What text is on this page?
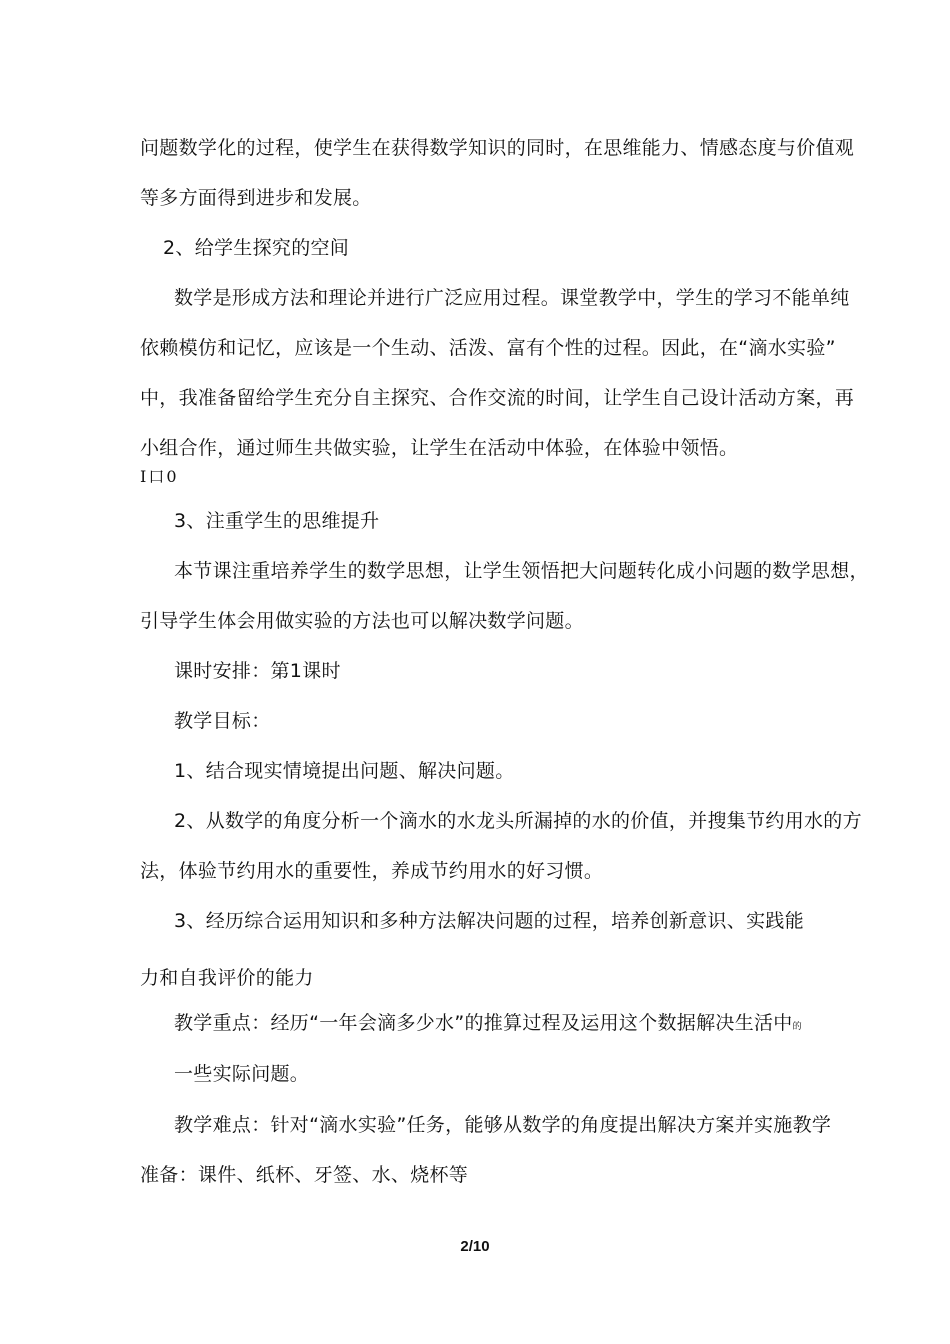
问题数学化的过程，使学生在获得数学知识的同时，在思维能力、情感态度与价值观
等多方面得到进步和发展。
2、给学生探究的空间
数学是形成方法和理论并进行广泛应用过程。课堂教学中，学生的学习不能单纯
依赖模仿和记忆，应该是一个生动、活泼、富有个性的过程。因此，在“滴水实验”
中，我准备留给学生充分自主探究、合作交流的时间，让学生自己设计活动方案，再
小组合作，通过师生共做实验，让学生在活动中体验，在体验中领悟。
I口0
3、注重学生的思维提升
本节课注重培养学生的数学思想，让学生领悟把大问题转化成小问题的数学思想，
引导学生体会用做实验的方法也可以解决数学问题。
课时安排：第1课时
教学目标：
1、结合现实情境提出问题、解决问题。
2、从数学的角度分析一个滴水的水龙头所漏掉的水的价值，并搜集节约用水的方
法，体验节约用水的重要性，养成节约用水的好习惯。
3、经历综合运用知识和多种方法解决问题的过程，培养创新意识、实践能
力和自我评价的能力
教学重点：经历“一年会滴多少水”的推算过程及运用这个数据解决生活中的
一些实际问题。
教学难点：针对“滴水实验”任务，能够从数学的角度提出解决方案并实施教学
准备：课件、纸杯、牙签、水、烧杯等
2/10
